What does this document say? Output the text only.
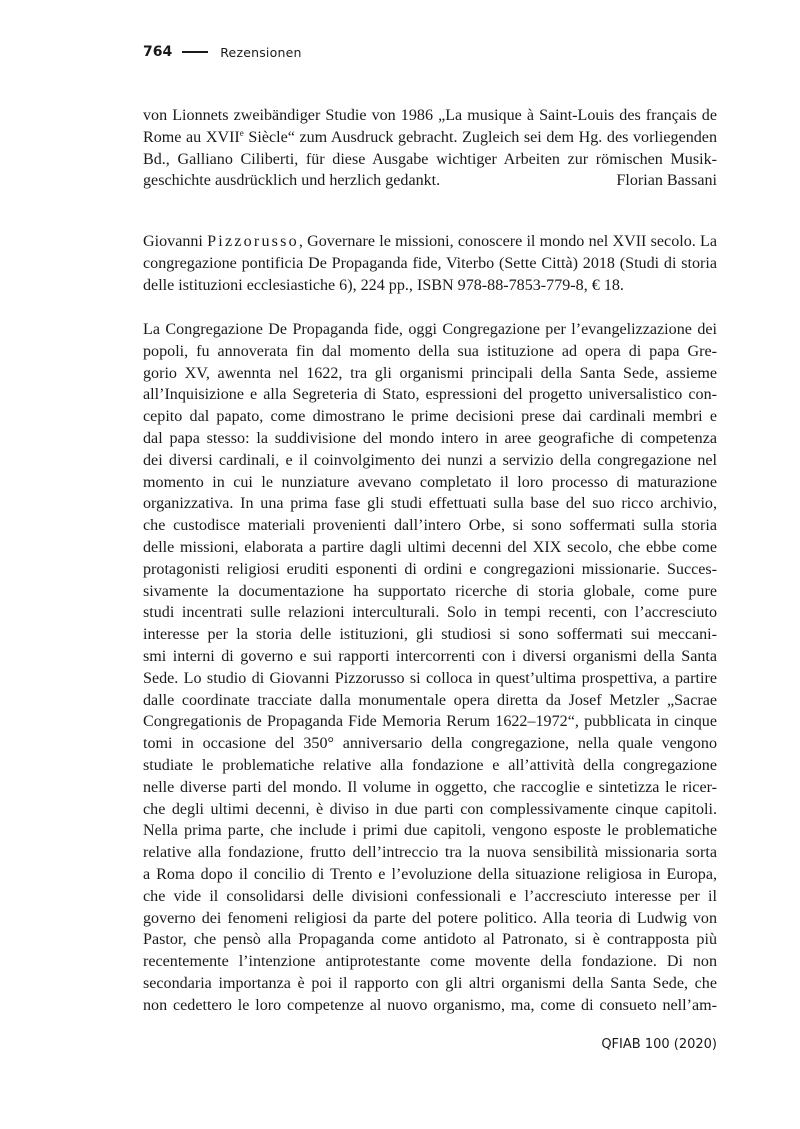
764	Rezensionen
von Lionnets zweibändiger Studie von 1986 „La musique à Saint-Louis des français de
Rome au XVIIe Siècle“ zum Ausdruck gebracht. Zugleich sei dem Hg. des vorliegenden
Bd., Galliano Ciliberti, für diese Ausgabe wichtiger Arbeiten zur römischen Musik-
geschichte ausdrücklich und herzlich gedankt.	Florian Bassani
Giovanni Pizzorusso, Governare le missioni, conoscere il mondo nel XVII secolo. La
congregazione pontificia De Propaganda fide, Viterbo (Sette Città) 2018 (Studi di storia
delle istituzioni ecclesiastiche 6), 224 pp., ISBN 978-88-7853-779-8, € 18.
La Congregazione De Propaganda fide, oggi Congregazione per l’evangelizzazione dei
popoli, fu annoverata fin dal momento della sua istituzione ad opera di papa Gre-
gorio XV, awennta nel 1622, tra gli organismi principali della Santa Sede, assieme
all’Inquisizione e alla Segreteria di Stato, espressioni del progetto universalistico con-
cepito dal papato, come dimostrano le prime decisioni prese dai cardinali membri e
dal papa stesso: la suddivisione del mondo intero in aree geografiche di competenza
dei diversi cardinali, e il coinvolgimento dei nunzi a servizio della congregazione nel
momento in cui le nunziature avevano completato il loro processo di maturazione
organizzativa. In una prima fase gli studi effettuati sulla base del suo ricco archivio,
che custodisce materiali provenienti dall’intero Orbe, si sono soffermati sulla storia
delle missioni, elaborata a partire dagli ultimi decenni del XIX secolo, che ebbe come
protagonisti religiosi eruditi esponenti di ordini e congregazioni missionarie. Succes-
sivamente la documentazione ha supportato ricerche di storia globale, come pure
studi incentrati sulle relazioni interculturali. Solo in tempi recenti, con l’accresciuto
interesse per la storia delle istituzioni, gli studiosi si sono soffermati sui meccani-
smi interni di governo e sui rapporti intercorrenti con i diversi organismi della Santa
Sede. Lo studio di Giovanni Pizzorusso si colloca in quest’ultima prospettiva, a partire
dalle coordinate tracciate dalla monumentale opera diretta da Josef Metzler „Sacrae
Congregationis de Propaganda Fide Memoria Rerum 1622–1972“, pubblicata in cinque
tomi in occasione del 350° anniversario della congregazione, nella quale vengono
studiate le problematiche relative alla fondazione e all’attività della congregazione
nelle diverse parti del mondo. Il volume in oggetto, che raccoglie e sintetizza le ricer-
che degli ultimi decenni, è diviso in due parti con complessivamente cinque capitoli.
Nella prima parte, che include i primi due capitoli, vengono esposte le problematiche
relative alla fondazione, frutto dell’intreccio tra la nuova sensibilità missionaria sorta
a Roma dopo il concilio di Trento e l’evoluzione della situazione religiosa in Europa,
che vide il consolidarsi delle divisioni confessionali e l’accresciuto interesse per il
governo dei fenomeni religiosi da parte del potere politico. Alla teoria di Ludwig von
Pastor, che pensò alla Propaganda come antidoto al Patronato, si è contrapposta più
recentemente l’intenzione antiprotestante come movente della fondazione. Di non
secondaria importanza è poi il rapporto con gli altri organismi della Santa Sede, che
non cedettero le loro competenze al nuovo organismo, ma, come di consueto nell’am-
QFIAB 100 (2020)
